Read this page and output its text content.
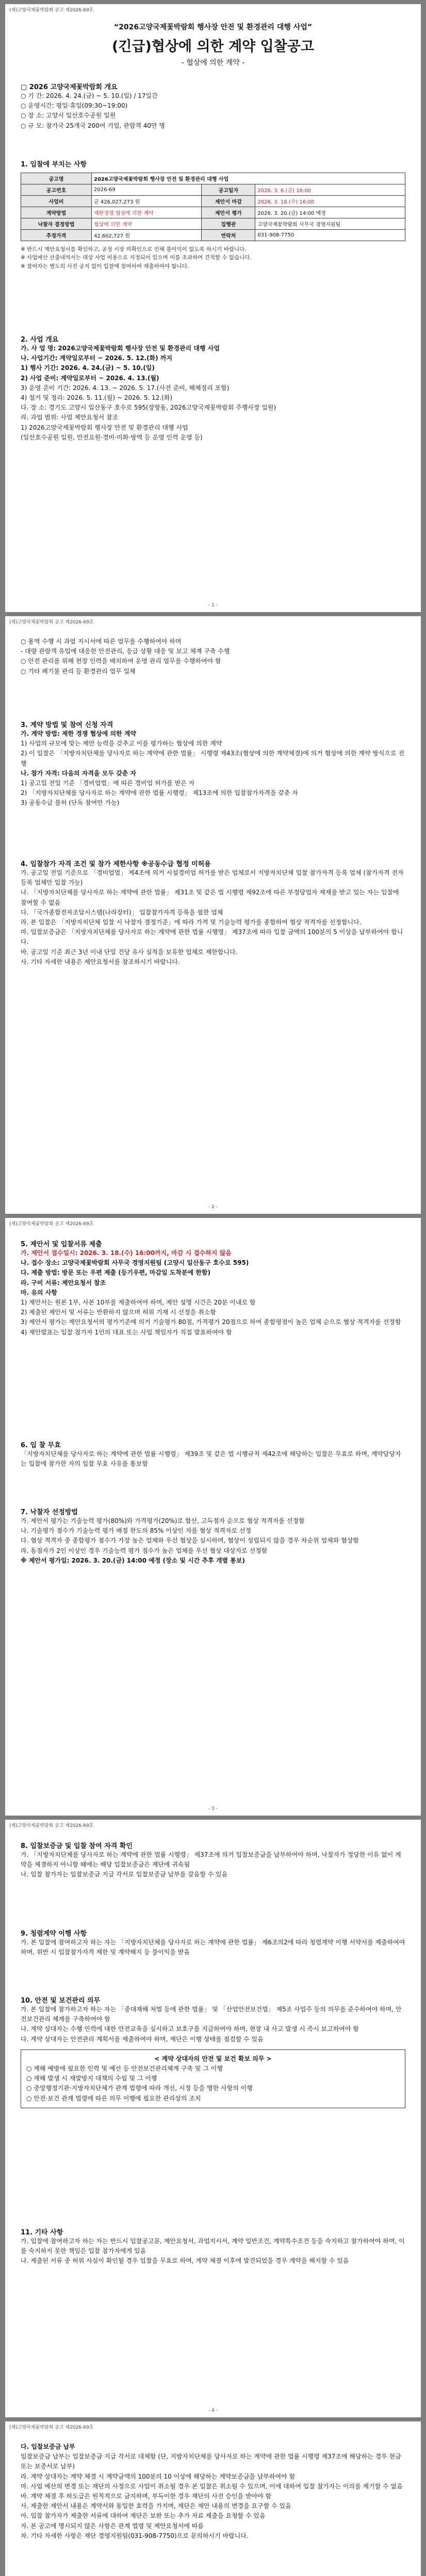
(재)고양국제꽃박람회 공고 제2026-69호
“2026고양국제꽃박람회 행사장 안전 및 환경관리 대행 사업”
(긴급)협상에 의한 계약 입찰공고
- 협상에 의한 계약 -

□ 2026 고양국제꽃박람회 개요

○ 기 간: 2026. 4. 24.(금) ~ 5. 10.(일) / 17일간

○ 운영시간: 평일·휴일(09:30~19:00)

○ 장 소: 고양시 일산호수공원 일원

○ 규 모: 참가국 25개국 200여 기업, 관람객 40만 명

1. 입찰에 부치는 사항

공고명	2026고양국제꽃박람회 행사장 안전 및 환경관리 대행 사업		
공고번호	2026-69	공고일자	2026. 3. 6.(금) 16:00
사업비	금 426,027,273 원	제안서 마감	2026. 3. 18.(수) 16:00
계약방법	제한경쟁 협상에 의한 계약	제안서 평가	2026. 3. 20.(금) 14:00 예정
낙찰자 결정방법	협상에 의한 계약	집행관	고양국제꽃박람회 사무국 경영지원팀
추정가격	42,602,727 원	연락처	031-908-7750

※ 반드시 제안요청서를 확인하고, 공정 시장 미확인으로 인해 불이익이 없도록 하시기 바랍니다.

※ 사업예산 산출내역서는 대상 사업 비용으로 지정되어 있으며 이를 초과하여 견적할 수 없습니다.

※ 참여자는 별도의 사전 공지 없이 입찰에 참여하여 제출하여야 합니다.

2. 사업 개요

가. 사 업 명: 2026고양국제꽃박람회 행사장 안전 및 환경관리 대행 사업

나. 사업기간: 계약일로부터 ~ 2026. 5. 12.(화) 까지

1) 행사 기간: 2026. 4. 24.(금) ~ 5. 10.(일)

2) 사업 준비: 계약일로부터 ~ 2026. 4. 13.(월)

3) 운영 준비 기간: 2026. 4. 13. ~ 2026. 5. 17.(사전 준비, 해체정리 포함)

4) 철거 및 정리: 2026. 5. 11.(월) ~ 2026. 5. 12.(화)

다. 장 소: 경기도 고양시 일산동구 호수로 595(장항동, 2026고양국제꽃박람회 주행사장 일원)

라. 과업 범위: 사업 제안요청서 참조

1) 2026고양국제꽃박람회 행사장 안전 및 환경관리 대행 사업

(일산호수공원 일원, 안전요원·경비·미화·방역 등 운영 인력 운영 등)

- 1 -
(재)고양국제꽃박람회 공고 제2026-69호

○ 용역 수행 시 과업 지시서에 따른 업무를 수행하여야 하며

- 대량 관람객 유입에 대응한 안전관리, 응급 상황 대응 및 보고 체계 구축 수행

○ 안전 관리를 위해 현장 인력을 배치하여 운영 관리 업무를 수행하여야 함

○ 기타 폐기물 관리 등 환경관리 업무 일체

3. 계약 방법 및 참여 신청 자격

가. 계약 방법: 제한 경쟁 협상에 의한 계약

1) 사업의 규모에 맞는 제안 능력을 갖추고 이를 평가하는 협상에 의한 계약

2) 이 입찰은 「지방자치단체를 당사자로 하는 계약에 관한 법률」 시행령 제43조(협상에 의한 계약체결)에 의거 협상에 의한 계약 방식으로 진행

나. 참가 자격: 다음의 자격을 모두 갖춘 자

1) 공고일 전일 기준 「경비업법」에 따른 경비업 허가를 받은 자

2) 「지방자치단체를 당사자로 하는 계약에 관한 법률 시행령」 제13조에 의한 입찰참가자격을 갖춘 자

3) 공동수급 불허 (단독 참여만 가능)

4. 입찰참가 자격 조건 및 참가 제한사항 ※공동수급 협정 미허용

가. 공고일 전일 기준으로 「경비업법」 제4조에 의거 시설경비업 허가를 받은 업체로서 지방자치단체 입찰 참가자격 등록 업체 (참가자격 전자 등록 업체만 입찰 가능)

나. 「지방자치단체를 당사자로 하는 계약에 관한 법률」 제31조 및 같은 법 시행령 제92조에 따른 부정당업자 제재를 받고 있는 자는 입찰에 참여할 수 없음

다. 「국가종합전자조달시스템(나라장터)」 입찰참가자격 등록을 필한 업체

라. 본 입찰은 「지방자치단체 입찰 시 낙찰자 결정기준」에 따라 가격 및 기술능력 평가를 종합하여 협상 적격자를 선정합니다.

마. 입찰보증금은 「지방자치단체를 당사자로 하는 계약에 관한 법률 시행령」 제37조에 따라 입찰 금액의 100분의 5 이상을 납부하여야 합니다.

바. 공고일 기준 최근 3년 이내 단일 건당 유사 실적을 보유한 업체로 제한합니다.

사. 기타 자세한 내용은 제안요청서를 참조하시기 바랍니다.

- 2 -
(재)고양국제꽃박람회 공고 제2026-69호

5. 제안서 및 입찰서류 제출

가. 제안서 접수일시: 2026. 3. 18.(수) 16:00까지, 마감 시 접수하지 않음

나. 접수 장소: 고양국제꽃박람회 사무국 경영지원팀 (고양시 일산동구 호수로 595)

다. 제출 방법: 방문 또는 우편 제출 (등기우편, 마감일 도착분에 한함)

라. 구비 서류: 제안요청서 참조

마. 유의 사항

1) 제안서는 원본 1부, 사본 10부를 제출하여야 하며, 제안 설명 시간은 20분 이내로 함

2) 제출된 제안서 및 서류는 반환하지 않으며 허위 기재 시 선정을 취소함

3) 제안서 평가는 제안요청서의 평가기준에 의거 기술평가 80점, 가격평가 20점으로 하여 종합평점이 높은 업체 순으로 협상 적격자를 선정함

4) 제안발표는 입찰 참가자 1인의 대표 또는 사업 책임자가 직접 발표하여야 함

6. 입 찰 무효

「지방자치단체를 당사자로 하는 계약에 관한 법률 시행령」 제39조 및 같은 법 시행규칙 제42조에 해당하는 입찰은 무효로 하며, 계약담당자는 입찰에 참가한 자의 입찰 무효 사유를 통보함

7. 낙찰자 선정방법

가. 제안서 평가는 기술능력 평가(80%)와 가격평가(20%)로 합산, 고득점자 순으로 협상 적격자를 선정함

나. 기술평가 점수가 기술능력 평가 배점 한도의 85% 이상인 자를 협상 적격자로 선정

다. 협상 적격자 중 종합평가 점수가 가장 높은 업체와 우선 협상을 실시하며, 협상이 성립되지 않을 경우 차순위 업체와 협상함

라. 동점자가 2인 이상인 경우 기술능력 평가 점수가 높은 업체를 우선 협상 대상자로 선정함

※ 제안서 평가일: 2026. 3. 20.(금) 14:00 예정 (장소 및 시간 추후 개별 통보)

- 3 -
(재)고양국제꽃박람회 공고 제2026-69호

8. 입찰보증금 및 입찰 참여 자격 확인

가. 「지방자치단체를 당사자로 하는 계약에 관한 법률 시행령」 제37조에 의거 입찰보증금을 납부하여야 하며, 낙찰자가 정당한 이유 없이 계약을 체결하지 아니할 때에는 해당 입찰보증금은 재단에 귀속됨

나. 입찰 참가자는 입찰보증금 지급 각서로 입찰보증금 납부를 갈음할 수 있음

9. 청렴계약 이행 사항

가. 본 입찰에 참여하고자 하는 자는 「지방자치단체를 당사자로 하는 계약에 관한 법률」 제6조의2에 따라 청렴계약 이행 서약서를 제출하여야 하며, 위반 시 입찰참가자격 제한 및 계약해지 등 불이익을 받음

10. 안전 및 보건관리 의무

가. 본 입찰에 참가하고자 하는 자는 「중대재해 처벌 등에 관한 법률」 및 「산업안전보건법」 제5조 사업주 등의 의무를 준수하여야 하며, 안전보건관리 체계를 구축하여야 함

나. 계약 상대자는 수행 인력에 대한 안전교육을 실시하고 보호구를 지급하여야 하며, 현장 내 사고 발생 시 즉시 보고하여야 함

다. 계약 상대자는 안전관리 계획서를 제출하여야 하며, 재단은 이행 상태를 점검할 수 있음

< 계약 상대자의 안전 및 보건 확보 의무 >

○ 재해 예방에 필요한 인력 및 예산 등 안전보건관리체계 구축 및 그 이행

○ 재해 발생 시 재발방지 대책의 수립 및 그 이행

○ 중앙행정기관·지방자치단체가 관계 법령에 따라 개선, 시정 등을 명한 사항의 이행

○ 안전·보건 관계 법령에 따른 의무 이행에 필요한 관리상의 조치

11. 기타 사항

가. 입찰에 참여하고자 하는 자는 반드시 입찰공고문, 제안요청서, 과업지시서, 계약 일반조건, 계약특수조건 등을 숙지하고 참가하여야 하며, 이를 숙지하지 못한 책임은 입찰 참가자에게 있음

나. 제출된 서류 중 허위 사실이 확인될 경우 입찰을 무효로 하며, 계약 체결 이후에 발견되었을 경우 계약을 해지할 수 있음

- 4 -
(재)고양국제꽃박람회 공고 제2026-69호

다. 입찰보증금 납부

입찰보증금 납부는 입찰보증금 지급 각서로 대체함 (단, 지방자치단체를 당사자로 하는 계약에 관한 법률 시행령 제37조에 해당하는 경우 현금 또는 보증서로 납부)

라. 계약 상대자는 계약 체결 시 계약금액의 100분의 10 이상에 해당하는 계약보증금을 납부하여야 함

마. 사업 예산의 변경 또는 재단의 사정으로 사업이 취소될 경우 본 입찰은 취소될 수 있으며, 이에 대하여 입찰 참가자는 이의를 제기할 수 없음

바. 계약 체결 후 하도급은 원칙적으로 금지하며, 부득이한 경우 재단의 사전 승인을 받아야 함

사. 제출한 제안서 내용은 계약서와 동일한 효력을 가지며, 재단은 제안 내용의 변경을 요구할 수 있음

아. 입찰 참가자가 제출한 서류에 대하여 재단은 보완 또는 추가 자료 제출을 요청할 수 있음

자. 본 공고에 명시되지 않은 사항은 관계 법령 및 제안요청서에 따름

차. 기타 자세한 사항은 재단 경영지원팀(031-908-7750)으로 문의하시기 바랍니다.
